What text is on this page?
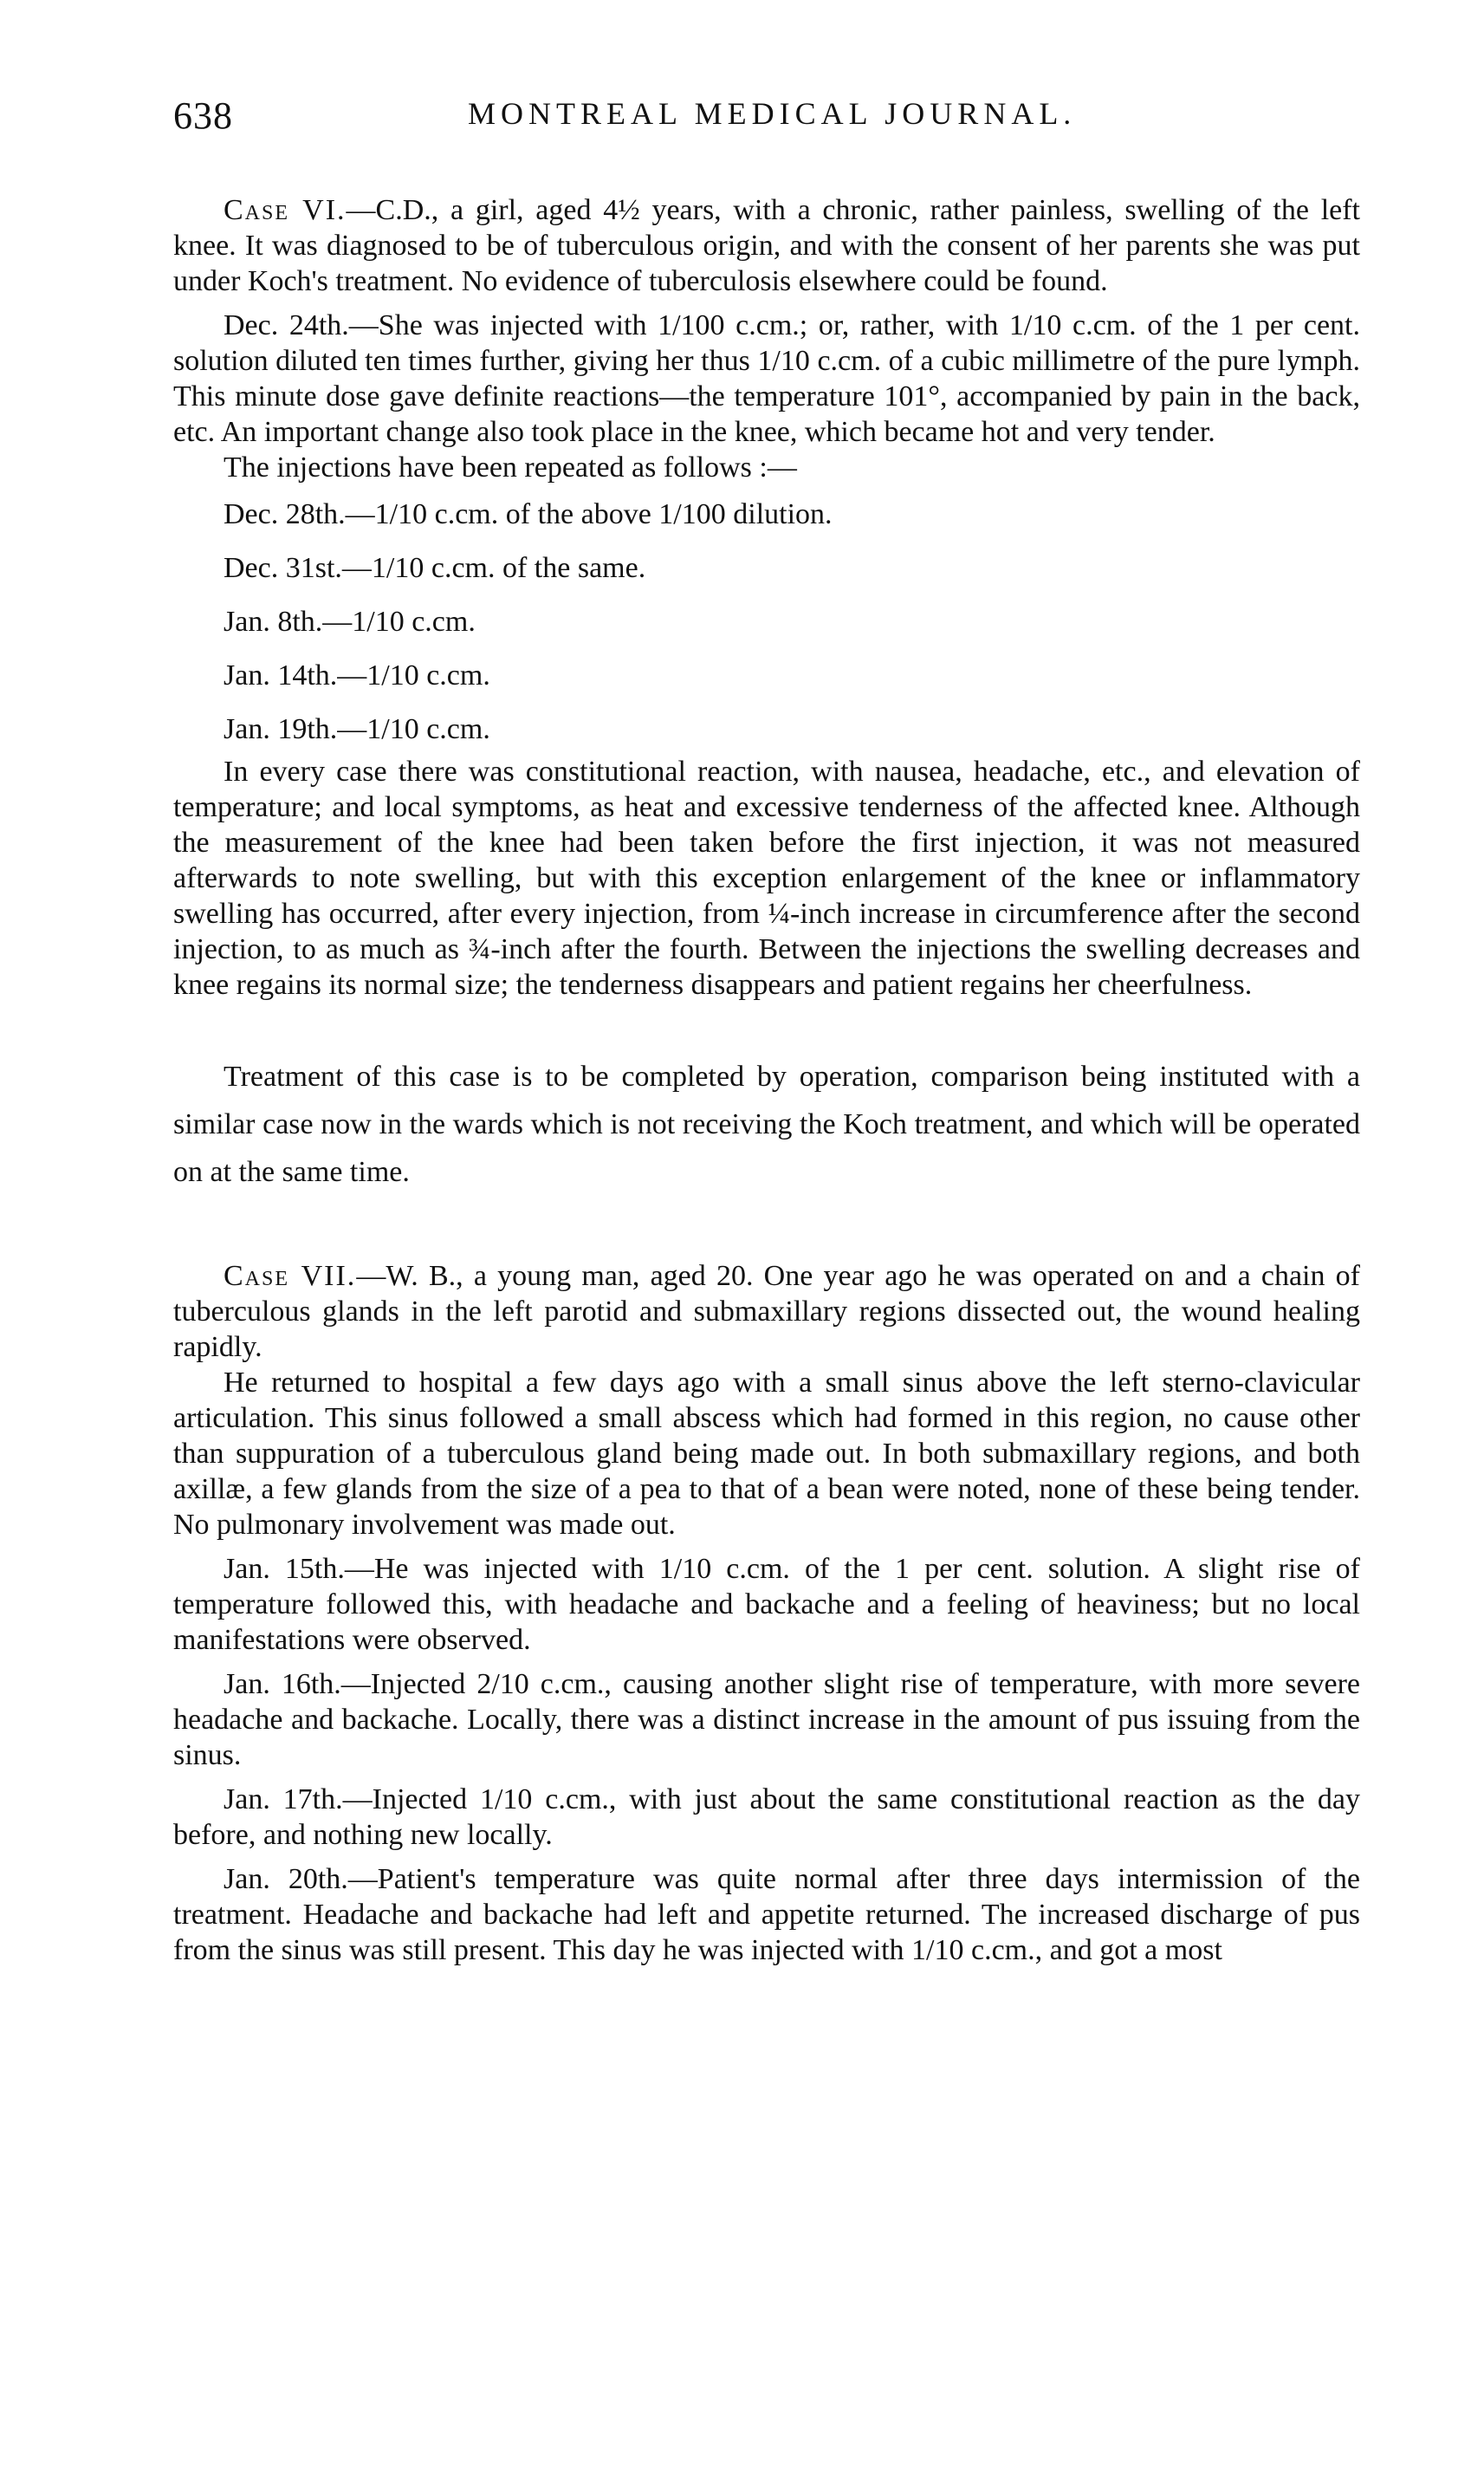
638	MONTREAL MEDICAL JOURNAL.

Case VI.—C.D., a girl, aged 4½ years, with a chronic, rather painless, swelling of the left knee. It was diagnosed to be of tuberculous origin, and with the consent of her parents she was put under Koch's treatment. No evidence of tuberculosis elsewhere could be found.

Dec. 24th.—She was injected with 1/100 c.cm.; or, rather, with 1/10 c.cm. of the 1 per cent. solution diluted ten times further, giving her thus 1/10 c.cm. of a cubic millimetre of the pure lymph. This minute dose gave definite reactions—the temperature 101°, accompanied by pain in the back, etc. An important change also took place in the knee, which became hot and very tender.

The injections have been repeated as follows :—

Dec. 28th.—1/10 c.cm. of the above 1/100 dilution.

Dec. 31st.—1/10 c.cm. of the same.

Jan. 8th.—1/10 c.cm.

Jan. 14th.—1/10 c.cm.

Jan. 19th.—1/10 c.cm.

In every case there was constitutional reaction, with nausea, headache, etc., and elevation of temperature; and local symptoms, as heat and excessive tenderness of the affected knee. Although the measurement of the knee had been taken before the first injection, it was not measured afterwards to note swelling, but with this exception enlargement of the knee or inflammatory swelling has occurred, after every injection, from ¼-inch increase in circumference after the second injection, to as much as ¾-inch after the fourth. Between the injections the swelling decreases and knee regains its normal size; the tenderness disappears and patient regains her cheerfulness.

Treatment of this case is to be completed by operation, comparison being instituted with a similar case now in the wards which is not receiving the Koch treatment, and which will be operated on at the same time.

Case VII.—W. B., a young man, aged 20. One year ago he was operated on and a chain of tuberculous glands in the left parotid and submaxillary regions dissected out, the wound healing rapidly.

He returned to hospital a few days ago with a small sinus above the left sterno-clavicular articulation. This sinus followed a small abscess which had formed in this region, no cause other than suppuration of a tuberculous gland being made out. In both submaxillary regions, and both axillæ, a few glands from the size of a pea to that of a bean were noted, none of these being tender. No pulmonary involvement was made out.

Jan. 15th.—He was injected with 1/10 c.cm. of the 1 per cent. solution. A slight rise of temperature followed this, with headache and backache and a feeling of heaviness; but no local manifestations were observed.

Jan. 16th.—Injected 2/10 c.cm., causing another slight rise of temperature, with more severe headache and backache. Locally, there was a distinct increase in the amount of pus issuing from the sinus.

Jan. 17th.—Injected 1/10 c.cm., with just about the same constitutional reaction as the day before, and nothing new locally.

Jan. 20th.—Patient's temperature was quite normal after three days intermission of the treatment. Headache and backache had left and appetite returned. The increased discharge of pus from the sinus was still present. This day he was injected with 1/10 c.cm., and got a most
